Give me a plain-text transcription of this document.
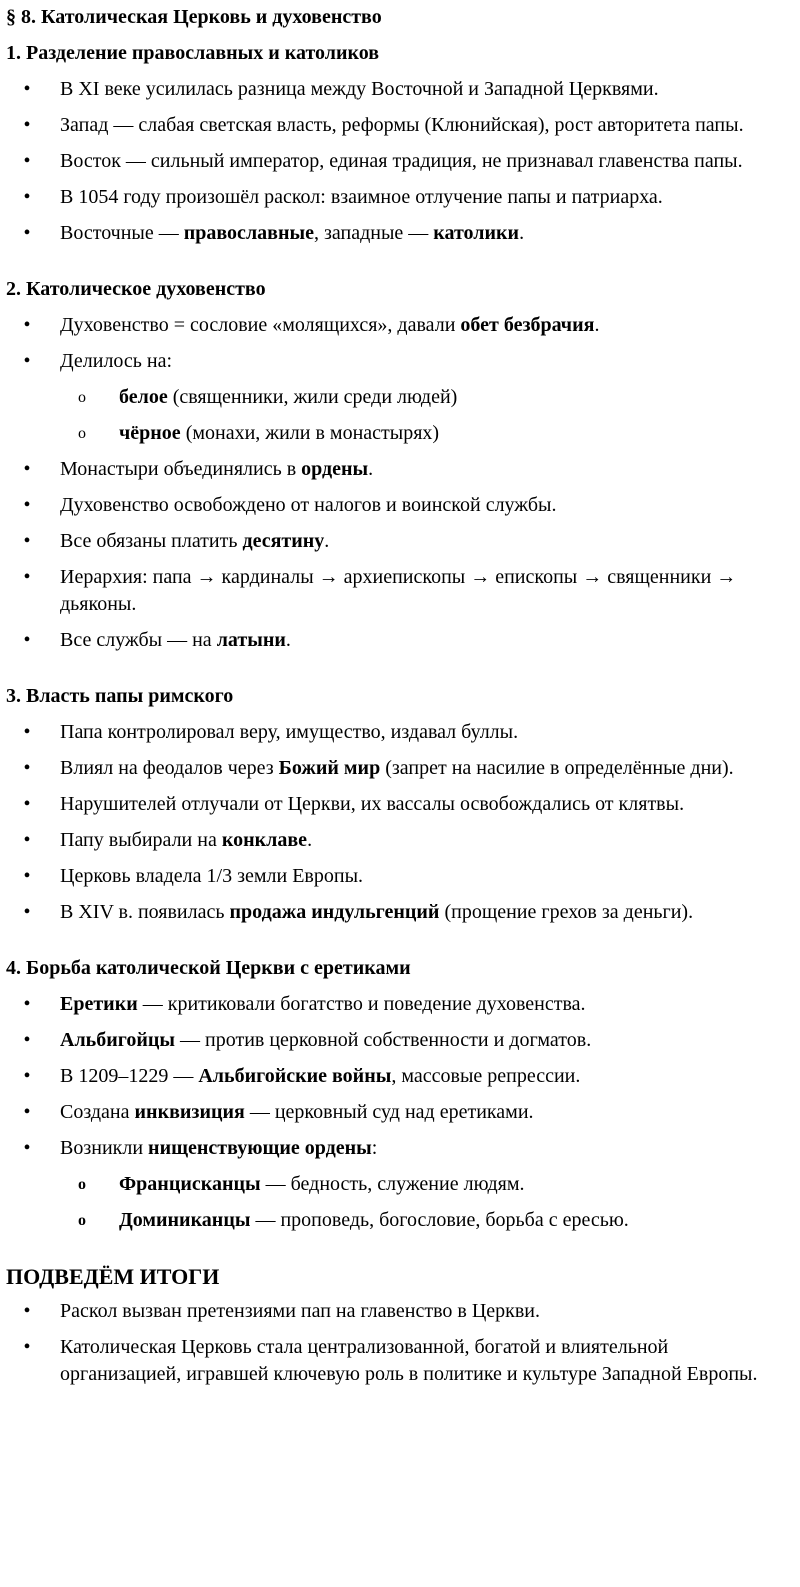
§ 8. Католическая Церковь и духовенство
1. Разделение православных и католиков
• В XI веке усилилась разница между Восточной и Западной Церквями.
• Запад — слабая светская власть, реформы (Клюнийская), рост авторитета папы.
• Восток — сильный император, единая традиция, не признавал главенства папы.
• В 1054 году произошёл раскол: взаимное отлучение папы и патриарха.
• Восточные — православные, западные — католики.
2. Католическое духовенство
• Духовенство = сословие «молящихся», давали обет безбрачия.
• Делилось на:
o белое (священники, жили среди людей)
o чёрное (монахи, жили в монастырях)
• Монастыри объединялись в ордены.
• Духовенство освобождено от налогов и воинской службы.
• Все обязаны платить десятину.
• Иерархия: папа → кардиналы → архиепископы → епископы → священники → дьяконы.
• Все службы — на латыни.
3. Власть папы римского
• Папа контролировал веру, имущество, издавал буллы.
• Влиял на феодалов через Божий мир (запрет на насилие в определённые дни).
• Нарушителей отлучали от Церкви, их вассалы освобождались от клятвы.
• Папу выбирали на конклаве.
• Церковь владела 1/3 земли Европы.
• В XIV в. появилась продажа индульгенций (прощение грехов за деньги).
4. Борьба католической Церкви с еретиками
• Еретики — критиковали богатство и поведение духовенства.
• Альбигойцы — против церковной собственности и догматов.
• В 1209–1229 — Альбигойские войны, массовые репрессии.
• Создана инквизиция — церковный суд над еретиками.
• Возникли нищенствующие ордены:
o Францисканцы — бедность, служение людям.
o Доминиканцы — проповедь, богословие, борьба с ересью.
ПОДВЕДЁМ ИТОГИ
• Раскол вызван претензиями пап на главенство в Церкви.
• Католическая Церковь стала централизованной, богатой и влиятельной организацией, игравшей ключевую роль в политике и культуре Западной Европы.
